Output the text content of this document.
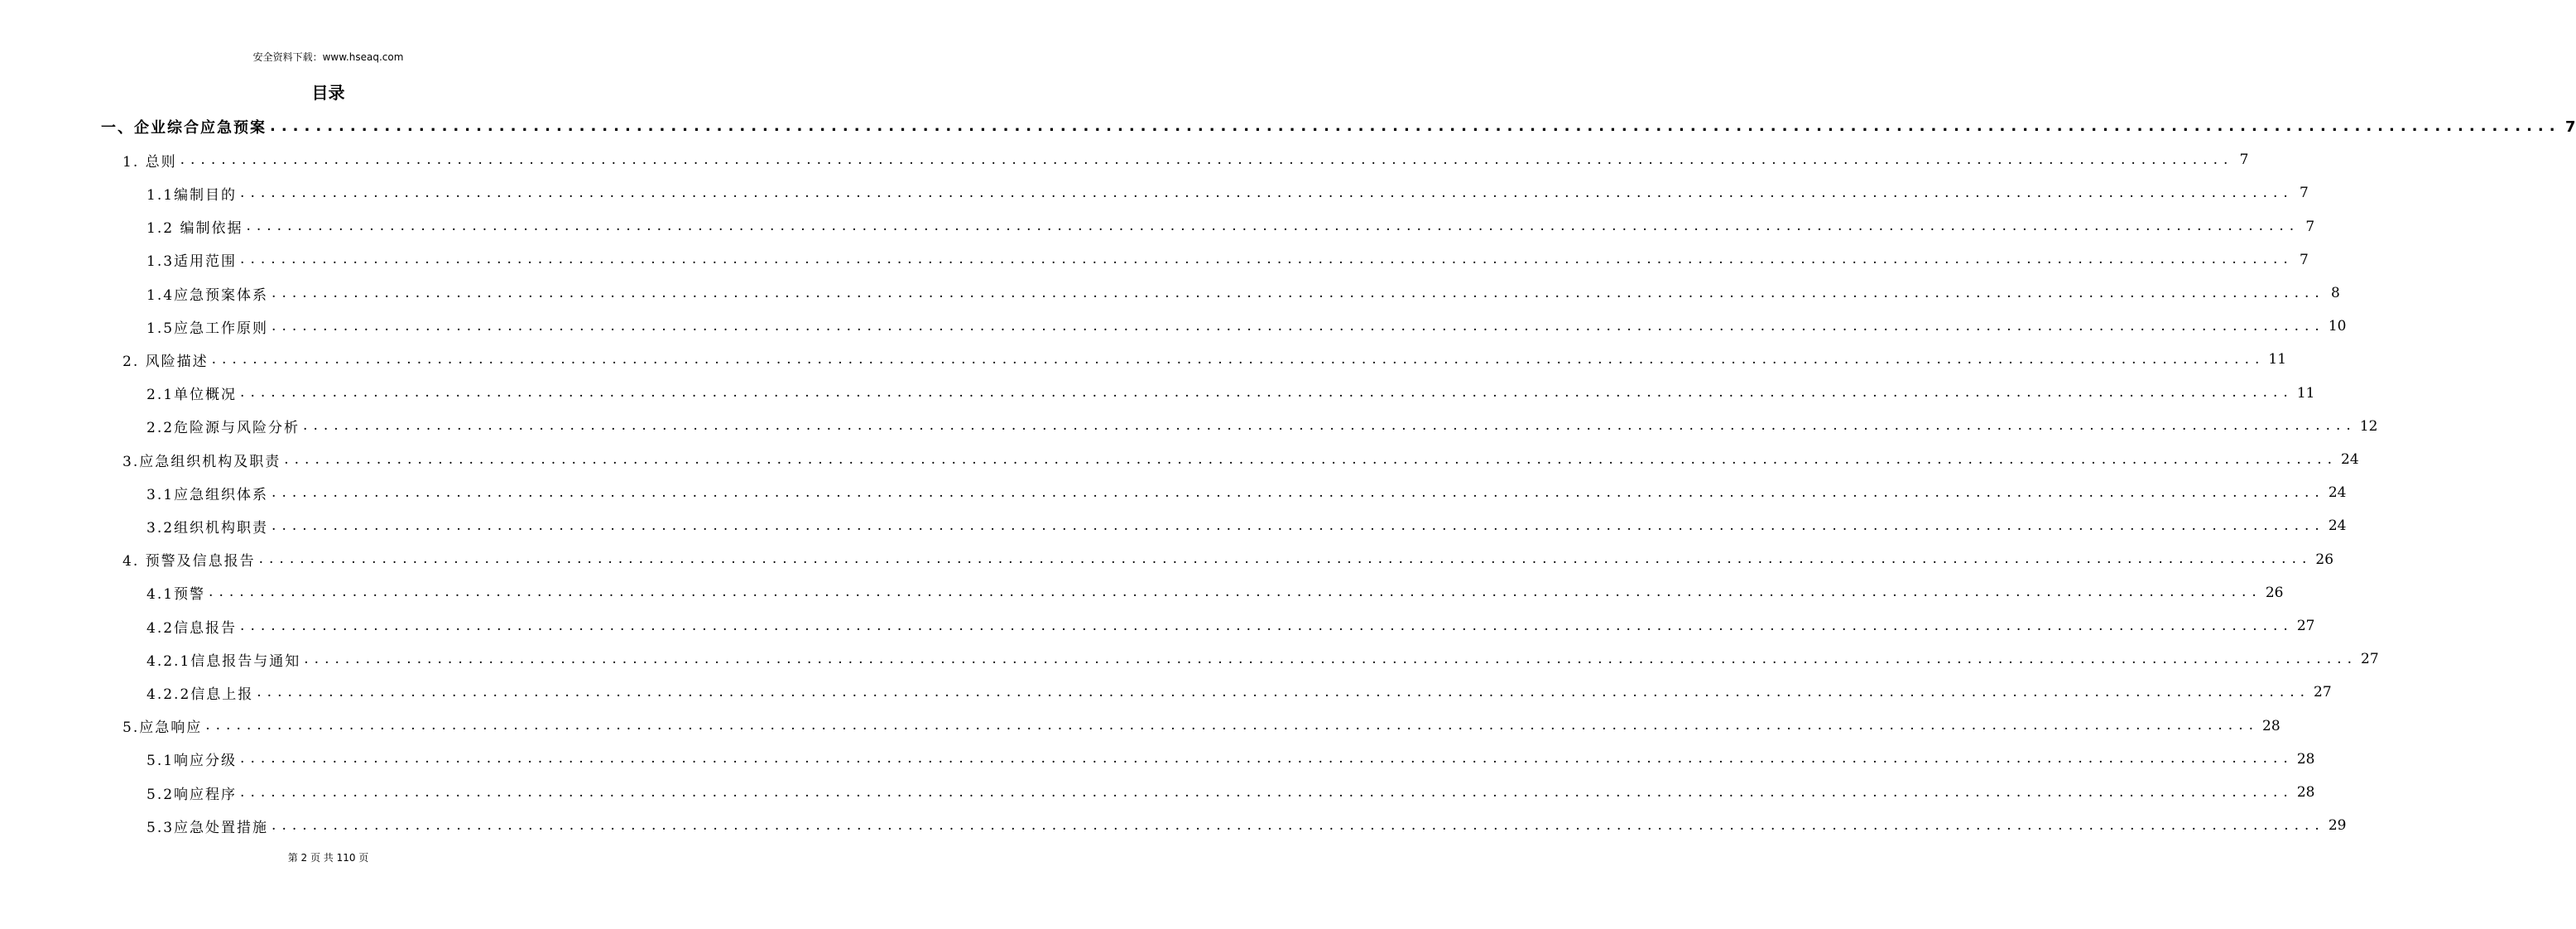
安全资料下载：www.hseaq.com
目录
一、企业综合应急预案 ........................................................................................................................................................................................................ 7
1. 总则 ........................................................................................................................................................................................................ 7
1.1编制目的 ........................................................................................................................................................................................................ 7
1.2 编制依据 ........................................................................................................................................................................................................ 7
1.3适用范围 ........................................................................................................................................................................................................ 7
1.4应急预案体系 ........................................................................................................................................................................................................ 8
1.5应急工作原则 ........................................................................................................................................................................................................ 10
2. 风险描述 ........................................................................................................................................................................................................ 11
2.1单位概况 ........................................................................................................................................................................................................ 11
2.2危险源与风险分析 ........................................................................................................................................................................................................ 12
3.应急组织机构及职责 ........................................................................................................................................................................................................ 24
3.1应急组织体系 ........................................................................................................................................................................................................ 24
3.2组织机构职责 ........................................................................................................................................................................................................ 24
4. 预警及信息报告 ........................................................................................................................................................................................................ 26
4.1预警 ........................................................................................................................................................................................................ 26
4.2信息报告 ........................................................................................................................................................................................................ 27
4.2.1信息报告与通知 ........................................................................................................................................................................................................ 27
4.2.2信息上报 ........................................................................................................................................................................................................ 27
5.应急响应 ........................................................................................................................................................................................................ 28
5.1响应分级 ........................................................................................................................................................................................................ 28
5.2响应程序 ........................................................................................................................................................................................................ 28
5.3应急处置措施 ........................................................................................................................................................................................................ 29
第 2 页 共 110 页
